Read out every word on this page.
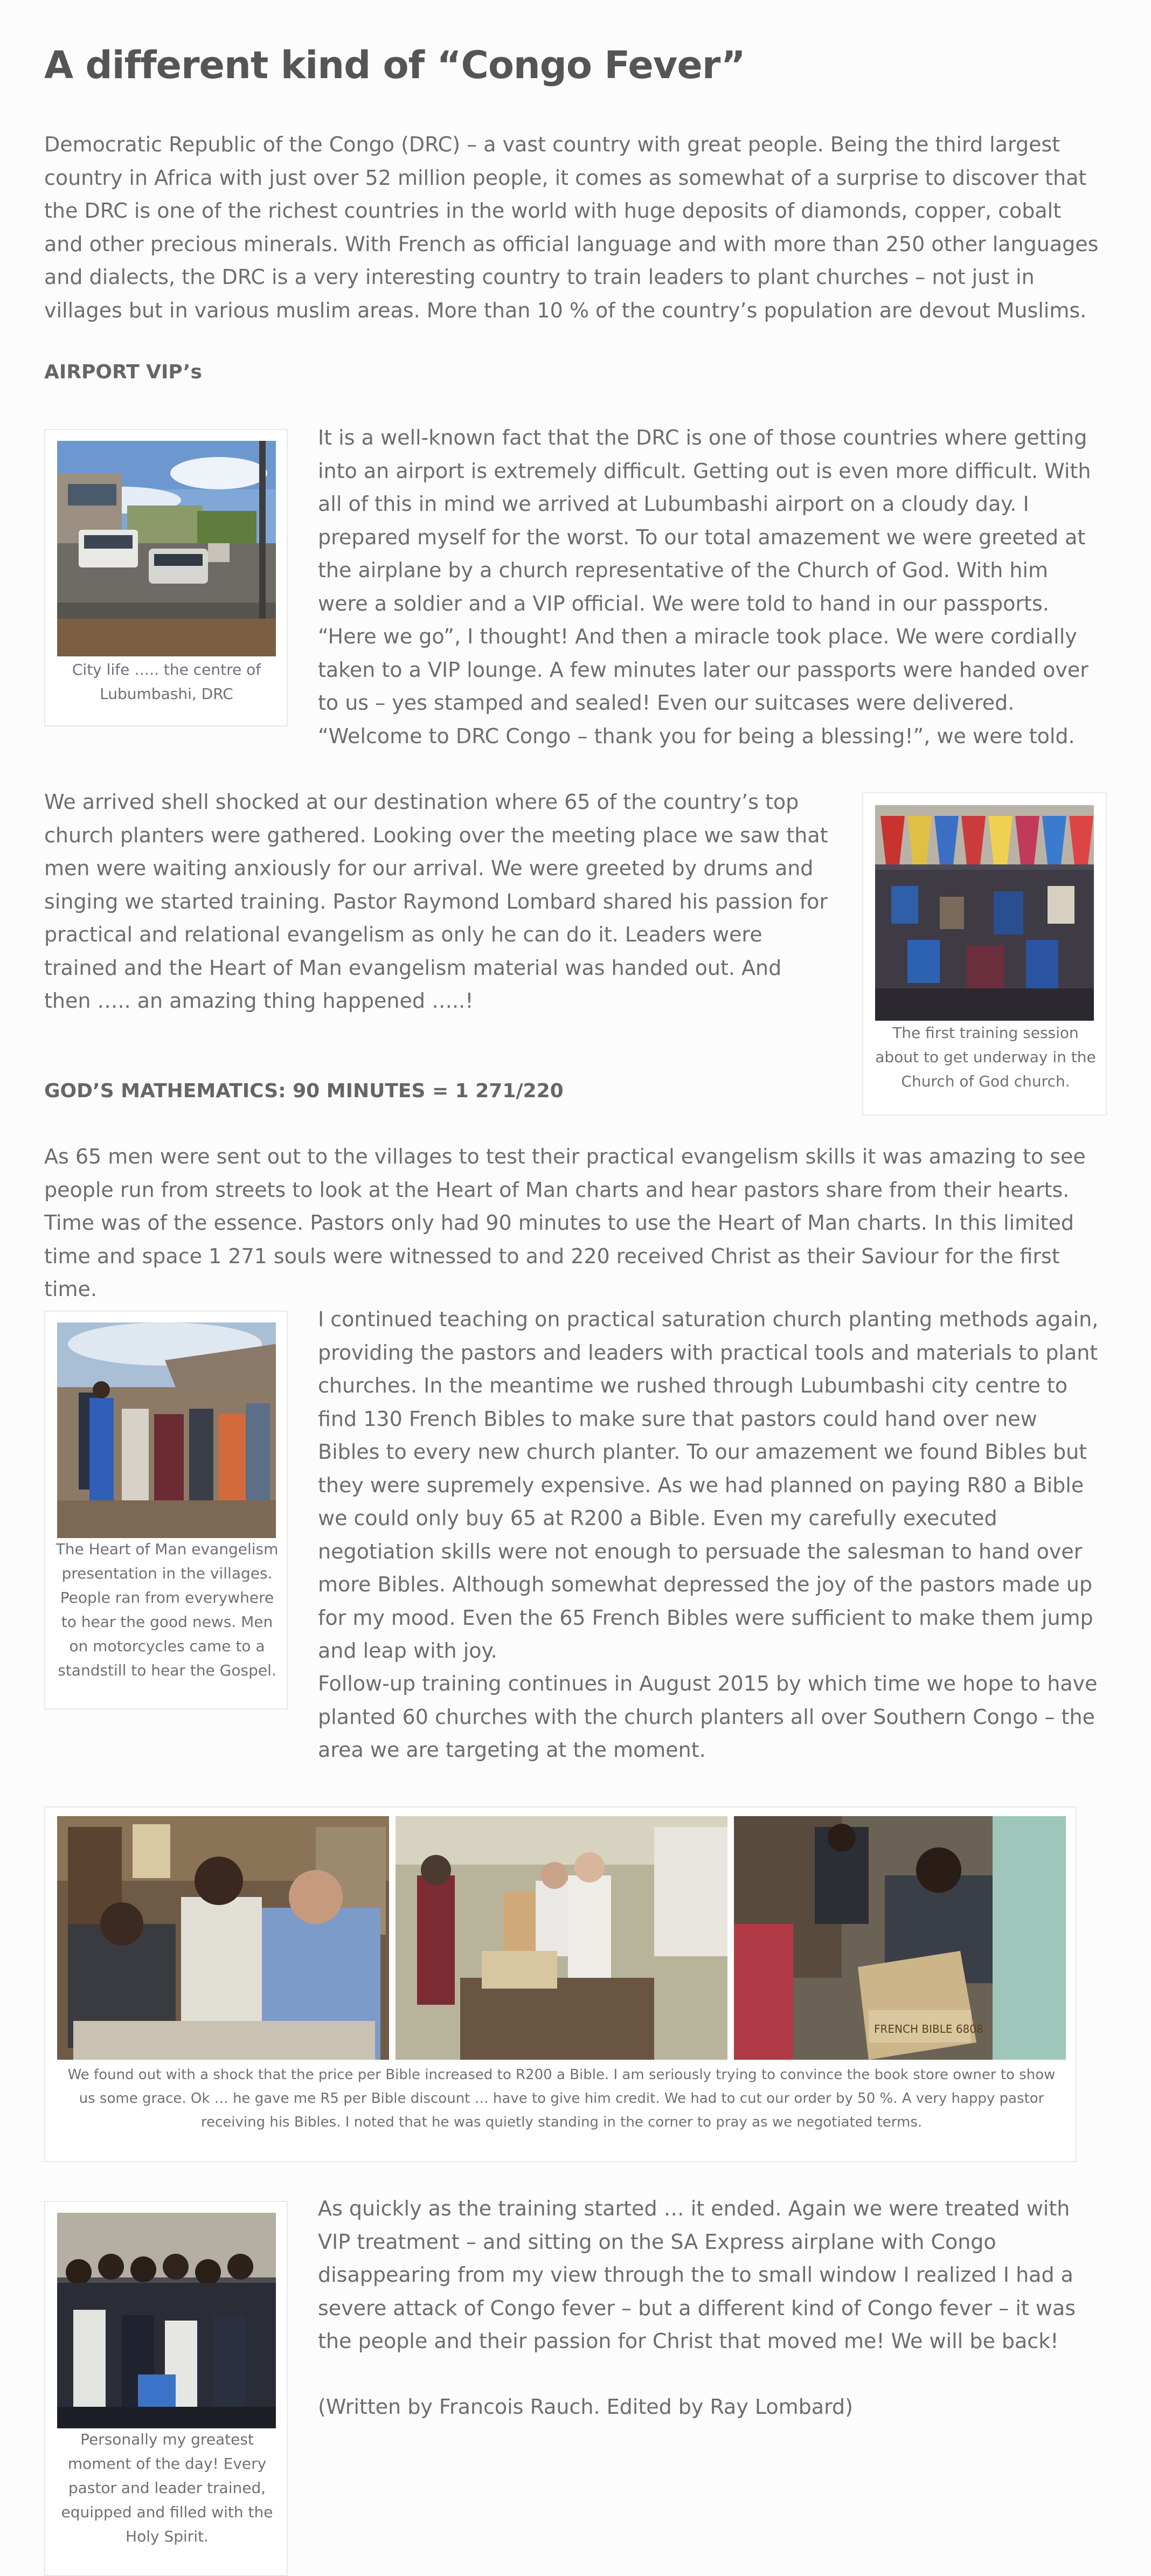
A different kind of “Congo Fever”

Democratic Republic of the Congo (DRC) – a vast country with great people. Being the third largest country in Africa with just over 52 million people, it comes as somewhat of a surprise to discover that the DRC is one of the richest countries in the world with huge deposits of diamonds, copper, cobalt and other precious minerals. With French as official language and with more than 250 other languages and dialects, the DRC is a very interesting country to train leaders to plant churches – not just in villages but in various muslim areas. More than 10 % of the country’s population are devout Muslims.

AIRPORT VIP’s
City life ….. the centre of Lubumbashi, DRC

It is a well-known fact that the DRC is one of those countries where getting into an airport is extremely difficult. Getting out is even more difficult. With all of this in mind we arrived at Lubumbashi airport on a cloudy day. I prepared myself for the worst. To our total amazement we were greeted at the airplane by a church representative of the Church of God. With him were a soldier and a VIP official. We were told to hand in our passports. “Here we go”, I thought! And then a miracle took place. We were cordially taken to a VIP lounge. A few minutes later our passports were handed over to us – yes stamped and sealed! Even our suitcases were delivered. “Welcome to DRC Congo – thank you for being a blessing!”, we were told.

We arrived shell shocked at our destination where 65 of the country’s top church planters were gathered. Looking over the meeting place we saw that men were waiting anxiously for our arrival. We were greeted by drums and singing we started training. Pastor Raymond Lombard shared his passion for practical and relational evangelism as only he can do it. Leaders were trained and the Heart of Man evangelism material was handed out. And then ….. an amazing thing happened …..!

The first training session about to get underway in the Church of God church.
GOD’S MATHEMATICS: 90 MINUTES = 1 271/220

As 65 men were sent out to the villages to test their practical evangelism skills it was amazing to see people run from streets to look at the Heart of Man charts and hear pastors share from their hearts. Time was of the essence. Pastors only had 90 minutes to use the Heart of Man charts. In this limited time and space 1 271 souls were witnessed to and 220 received Christ as their Saviour for the first time.

The Heart of Man evangelism presentation in the villages. People ran from everywhere to hear the good news. Men on motorcycles came to a standstill to hear the Gospel.

I continued teaching on practical saturation church planting methods again, providing the pastors and leaders with practical tools and materials to plant churches. In the meantime we rushed through Lubumbashi city centre to find 130 French Bibles to make sure that pastors could hand over new Bibles to every new church planter. To our amazement we found Bibles but they were supremely expensive. As we had planned on paying R80 a Bible we could only buy 65 at R200 a Bible. Even my carefully executed negotiation skills were not enough to persuade the salesman to hand over more Bibles. Although somewhat depressed the joy of the pastors made up for my mood. Even the 65 French Bibles were sufficient to make them jump and leap with joy.

Follow-up training continues in August 2015 by which time we hope to have planted 60 churches with the church planters all over Southern Congo – the area we are targeting at the moment.

FRENCH BIBLE 6808
We found out with a shock that the price per Bible increased to R200 a Bible. I am seriously trying to convince the book store owner to show us some grace. Ok … he gave me R5 per Bible discount … have to give him credit. We had to cut our order by 50 %. A very happy pastor receiving his Bibles. I noted that he was quietly standing in the corner to pray as we negotiated terms.
Personally my greatest moment of the day! Every pastor and leader trained, equipped and filled with the Holy Spirit.

As quickly as the training started … it ended. Again we were treated with VIP treatment – and sitting on the SA Express airplane with Congo disappearing from my view through the to small window I realized I had a severe attack of Congo fever – but a different kind of Congo fever – it was the people and their passion for Christ that moved me! We will be back!

(Written by Francois Rauch. Edited by Ray Lombard)
